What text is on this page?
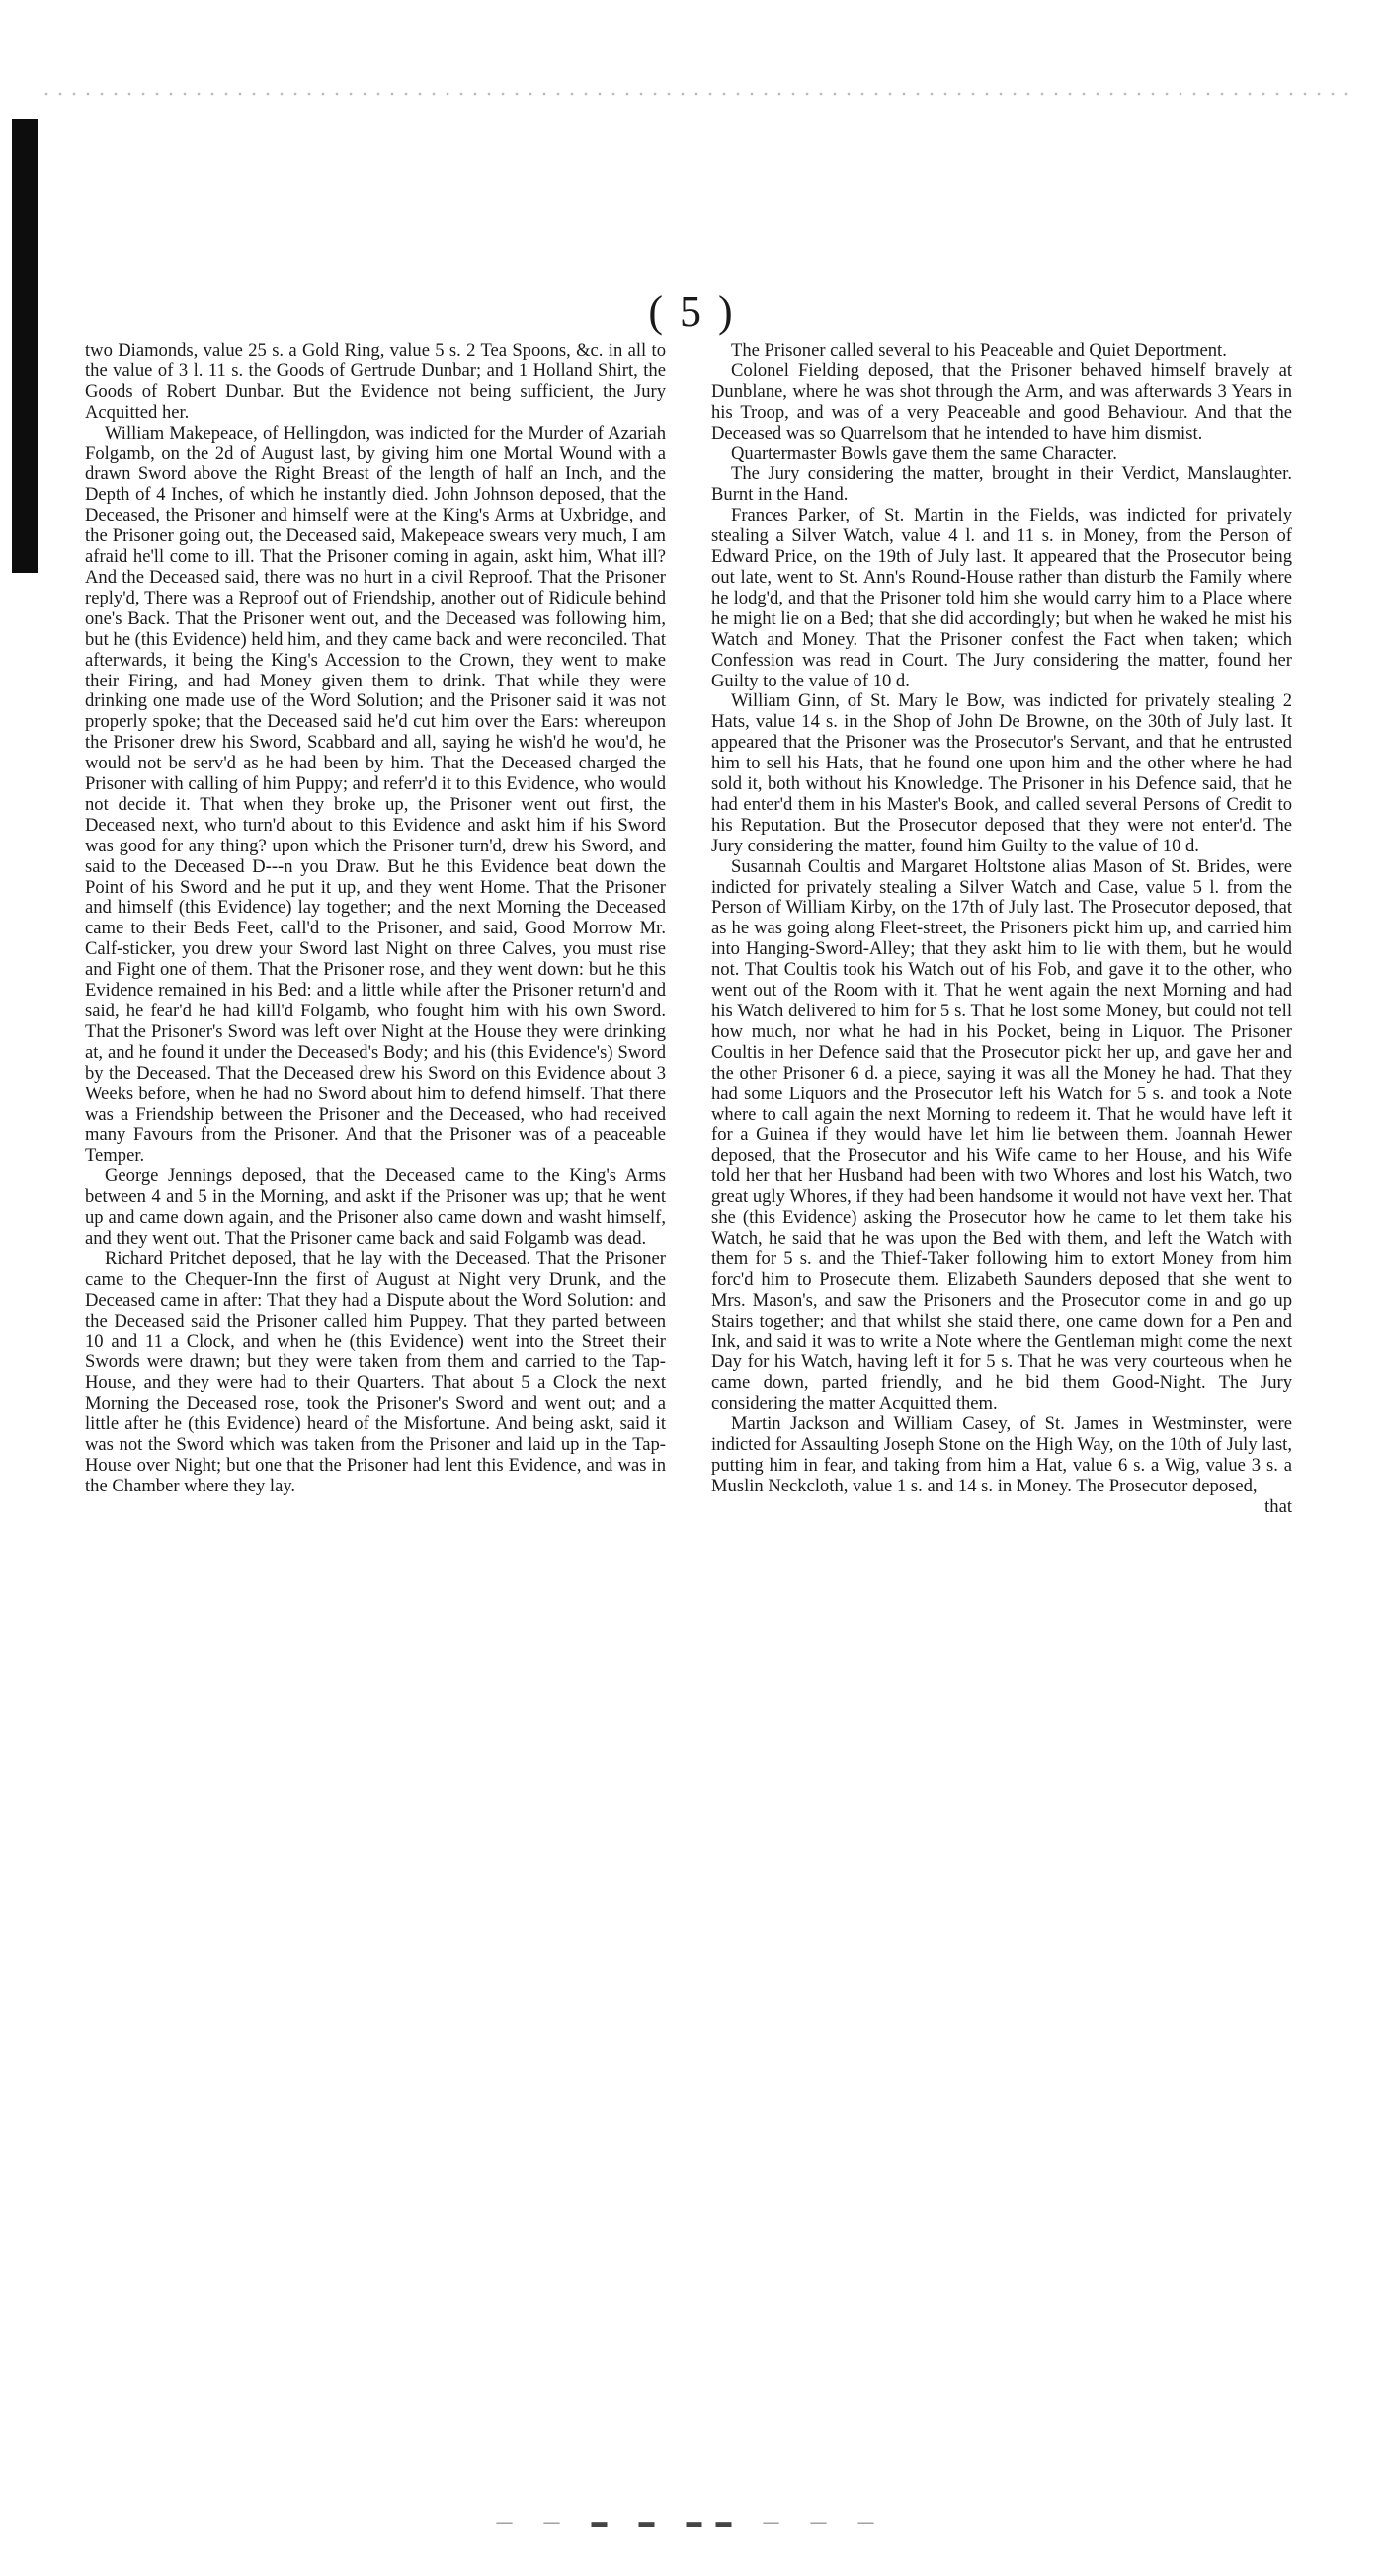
( 5 )

two Diamonds, value 25 s. a Gold Ring, value 5 s. 2 Tea Spoons, &c. in all to the value of 3 l. 11 s. the Goods of Gertrude Dunbar; and 1 Holland Shirt, the Goods of Robert Dunbar. But the Evidence not being sufficient, the Jury Acquitted her.

William Makepeace, of Hellingdon, was indicted for the Murder of Azariah Folgamb, on the 2d of August last, by giving him one Mortal Wound with a drawn Sword above the Right Breast of the length of half an Inch, and the Depth of 4 Inches, of which he instantly died. John Johnson deposed, that the Deceased, the Prisoner and himself were at the King's Arms at Uxbridge, and the Prisoner going out, the Deceased said, Makepeace swears very much, I am afraid he'll come to ill. That the Prisoner coming in again, askt him, What ill? And the Deceased said, there was no hurt in a civil Reproof. That the Prisoner reply'd, There was a Reproof out of Friendship, another out of Ridicule behind one's Back. That the Prisoner went out, and the Deceased was following him, but he (this Evidence) held him, and they came back and were reconciled. That afterwards, it being the King's Accession to the Crown, they went to make their Firing, and had Money given them to drink. That while they were drinking one made use of the Word Solution; and the Prisoner said it was not properly spoke; that the Deceased said he'd cut him over the Ears: whereupon the Prisoner drew his Sword, Scabbard and all, saying he wish'd he wou'd, he would not be serv'd as he had been by him. That the Deceased charged the Prisoner with calling of him Puppy; and referr'd it to this Evidence, who would not decide it. That when they broke up, the Prisoner went out first, the Deceased next, who turn'd about to this Evidence and askt him if his Sword was good for any thing? upon which the Prisoner turn'd, drew his Sword, and said to the Deceased D---n you Draw. But he this Evidence beat down the Point of his Sword and he put it up, and they went Home. That the Prisoner and himself (this Evidence) lay together; and the next Morning the Deceased came to their Beds Feet, call'd to the Prisoner, and said, Good Morrow Mr. Calf-sticker, you drew your Sword last Night on three Calves, you must rise and Fight one of them. That the Prisoner rose, and they went down: but he this Evidence remained in his Bed: and a little while after the Prisoner return'd and said, he fear'd he had kill'd Folgamb, who fought him with his own Sword. That the Prisoner's Sword was left over Night at the House they were drinking at, and he found it under the Deceased's Body; and his (this Evidence's) Sword by the Deceased. That the Deceased drew his Sword on this Evidence about 3 Weeks before, when he had no Sword about him to defend himself. That there was a Friendship between the Prisoner and the Deceased, who had received many Favours from the Prisoner. And that the Prisoner was of a peaceable Temper.

George Jennings deposed, that the Deceased came to the King's Arms between 4 and 5 in the Morning, and askt if the Prisoner was up; that he went up and came down again, and the Prisoner also came down and washt himself, and they went out. That the Prisoner came back and said Folgamb was dead.

Richard Pritchet deposed, that he lay with the Deceased. That the Prisoner came to the Chequer-Inn the first of August at Night very Drunk, and the Deceased came in after: That they had a Dispute about the Word Solution: and the Deceased said the Prisoner called him Puppey. That they parted between 10 and 11 a Clock, and when he (this Evidence) went into the Street their Swords were drawn; but they were taken from them and carried to the Tap-House, and they were had to their Quarters. That about 5 a Clock the next Morning the Deceased rose, took the Prisoner's Sword and went out; and a little after he (this Evidence) heard of the Misfortune. And being askt, said it was not the Sword which was taken from the Prisoner and laid up in the Tap-House over Night; but one that the Prisoner had lent this Evidence, and was in the Chamber where they lay.

The Prisoner called several to his Peaceable and Quiet Deportment.

Colonel Fielding deposed, that the Prisoner behaved himself bravely at Dunblane, where he was shot through the Arm, and was afterwards 3 Years in his Troop, and was of a very Peaceable and good Behaviour. And that the Deceased was so Quarrelsom that he intended to have him dismist.

Quartermaster Bowls gave them the same Character.

The Jury considering the matter, brought in their Verdict, Manslaughter. Burnt in the Hand.

Frances Parker, of St. Martin in the Fields, was indicted for privately stealing a Silver Watch, value 4 l. and 11 s. in Money, from the Person of Edward Price, on the 19th of July last. It appeared that the Prosecutor being out late, went to St. Ann's Round-House rather than disturb the Family where he lodg'd, and that the Prisoner told him she would carry him to a Place where he might lie on a Bed; that she did accordingly; but when he waked he mist his Watch and Money. That the Prisoner confest the Fact when taken; which Confession was read in Court. The Jury considering the matter, found her Guilty to the value of 10 d.

William Ginn, of St. Mary le Bow, was indicted for privately stealing 2 Hats, value 14 s. in the Shop of John De Browne, on the 30th of July last. It appeared that the Prisoner was the Prosecutor's Servant, and that he entrusted him to sell his Hats, that he found one upon him and the other where he had sold it, both without his Knowledge. The Prisoner in his Defence said, that he had enter'd them in his Master's Book, and called several Persons of Credit to his Reputation. But the Prosecutor deposed that they were not enter'd. The Jury considering the matter, found him Guilty to the value of 10 d.

Susannah Coultis and Margaret Holtstone alias Mason of St. Brides, were indicted for privately stealing a Silver Watch and Case, value 5 l. from the Person of William Kirby, on the 17th of July last. The Prosecutor deposed, that as he was going along Fleet-street, the Prisoners pickt him up, and carried him into Hanging-Sword-Alley; that they askt him to lie with them, but he would not. That Coultis took his Watch out of his Fob, and gave it to the other, who went out of the Room with it. That he went again the next Morning and had his Watch delivered to him for 5 s. That he lost some Money, but could not tell how much, nor what he had in his Pocket, being in Liquor. The Prisoner Coultis in her Defence said that the Prosecutor pickt her up, and gave her and the other Prisoner 6 d. a piece, saying it was all the Money he had. That they had some Liquors and the Prosecutor left his Watch for 5 s. and took a Note where to call again the next Morning to redeem it. That he would have left it for a Guinea if they would have let him lie between them. Joannah Hewer deposed, that the Prosecutor and his Wife came to her House, and his Wife told her that her Husband had been with two Whores and lost his Watch, two great ugly Whores, if they had been handsome it would not have vext her. That she (this Evidence) asking the Prosecutor how he came to let them take his Watch, he said that he was upon the Bed with them, and left the Watch with them for 5 s. and the Thief-Taker following him to extort Money from him forc'd him to Prosecute them. Elizabeth Saunders deposed that she went to Mrs. Mason's, and saw the Prisoners and the Prosecutor come in and go up Stairs together; and that whilst she staid there, one came down for a Pen and Ink, and said it was to write a Note where the Gentleman might come the next Day for his Watch, having left it for 5 s. That he was very courteous when he came down, parted friendly, and he bid them Good-Night. The Jury considering the matter Acquitted them.

Martin Jackson and William Casey, of St. James in Westminster, were indicted for Assaulting Joseph Stone on the High Way, on the 10th of July last, putting him in fear, and taking from him a Hat, value 6 s. a Wig, value 3 s. a Muslin Neckcloth, value 1 s. and 14 s. in Money. The Prosecutor deposed,

that
— — ▬ ▬ ▬▬ — — —
